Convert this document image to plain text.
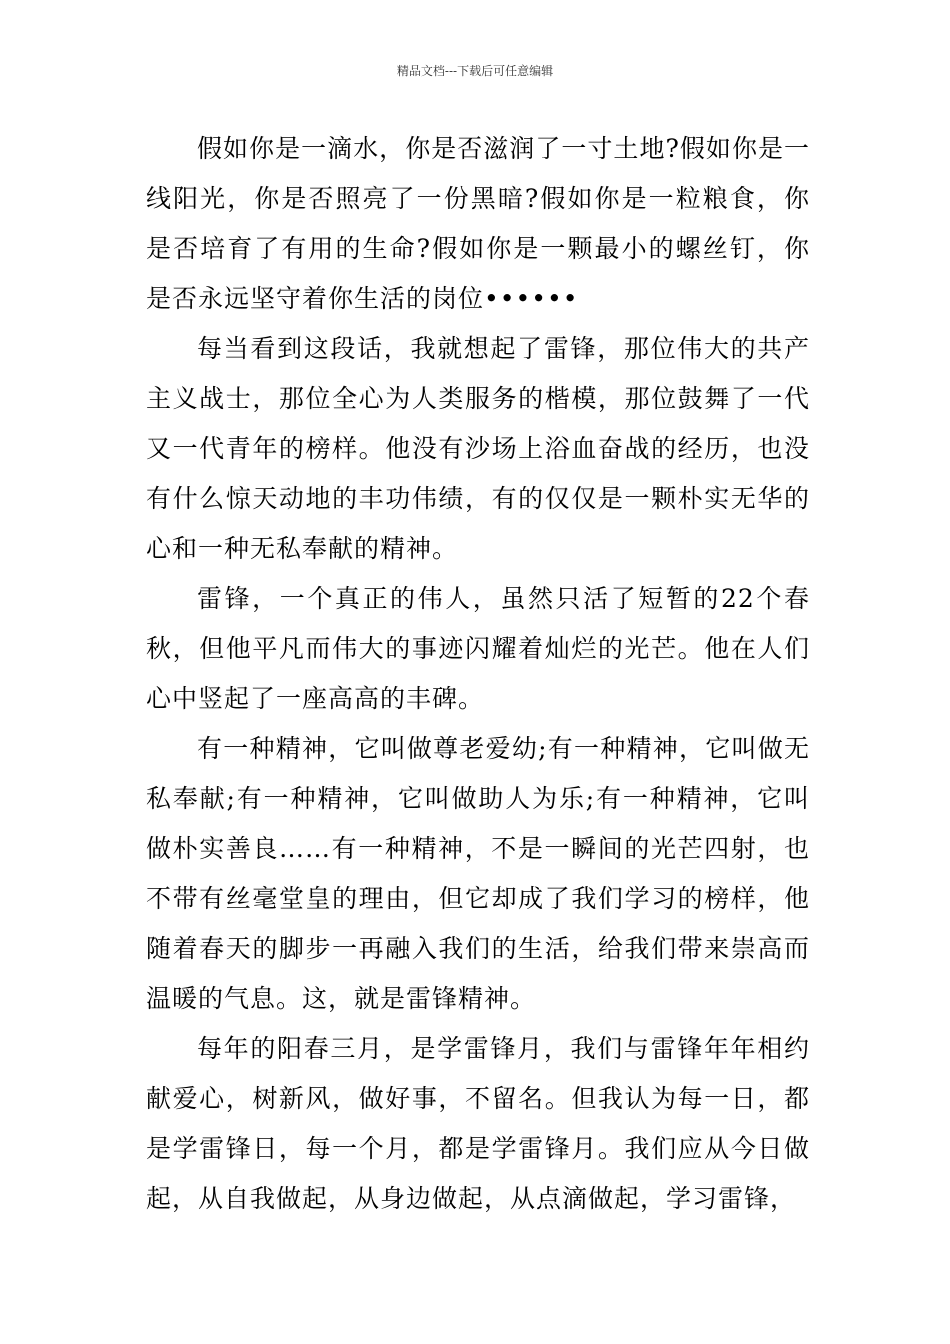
精品文档---下载后可任意编辑

假如你是一滴水，你是否滋润了一寸土地?假如你是一线阳光，你是否照亮了一份黑暗?假如你是一粒粮食，你是否培育了有用的生命?假如你是一颗最小的螺丝钉，你是否永远坚守着你生活的岗位••••••

每当看到这段话，我就想起了雷锋，那位伟大的共产主义战士，那位全心为人类服务的楷模，那位鼓舞了一代又一代青年的榜样。他没有沙场上浴血奋战的经历，也没有什么惊天动地的丰功伟绩，有的仅仅是一颗朴实无华的心和一种无私奉献的精神。

雷锋，一个真正的伟人，虽然只活了短暂的22个春秋，但他平凡而伟大的事迹闪耀着灿烂的光芒。他在人们心中竖起了一座高高的丰碑。

有一种精神，它叫做尊老爱幼;有一种精神，它叫做无私奉献;有一种精神，它叫做助人为乐;有一种精神，它叫做朴实善良……有一种精神，不是一瞬间的光芒四射，也不带有丝毫堂皇的理由，但它却成了我们学习的榜样，他随着春天的脚步一再融入我们的生活，给我们带来崇高而温暖的气息。这，就是雷锋精神。

每年的阳春三月，是学雷锋月，我们与雷锋年年相约献爱心，树新风，做好事，不留名。但我认为每一日，都是学雷锋日，每一个月，都是学雷锋月。我们应从今日做起，从自我做起，从身边做起，从点滴做起，学习雷锋，
